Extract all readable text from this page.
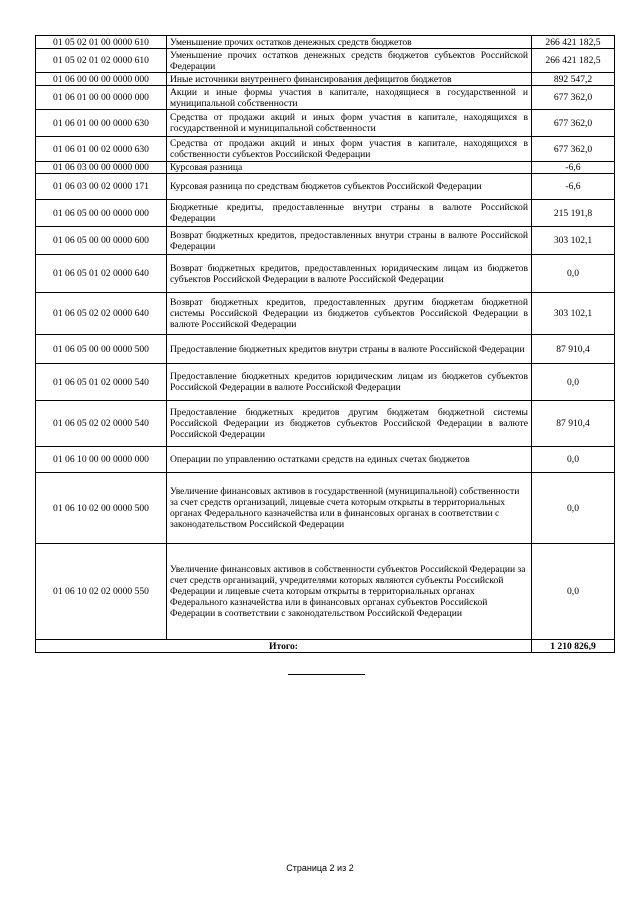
01 05 02 01 00 0000 610	Уменьшение прочих остатков денежных средств бюджетов	266 421 182,5
01 05 02 01 02 0000 610	Уменьшение прочих остатков денежных средств бюджетов субъектов Российской Федерации	266 421 182,5
01 06 00 00 00 0000 000	Иные источники внутреннего финансирования дефицитов бюджетов	892 547,2
01 06 01 00 00 0000 000	Акции и иные формы участия в капитале, находящиеся в государственной и муниципальной собственности	677 362,0
01 06 01 00 00 0000 630	Средства от продажи акций и иных форм участия в капитале, находящихся в государственной и муниципальной собственности	677 362,0
01 06 01 00 02 0000 630	Средства от продажи акций и иных форм участия в капитале, находящихся в собственности субъектов Российской Федерации	677 362,0
01 06 03 00 00 0000 000	Курсовая разница	-6,6
01 06 03 00 02 0000 171	Курсовая разница по средствам бюджетов субъектов Российской Федерации	-6,6
01 06 05 00 00 0000 000	Бюджетные кредиты, предоставленные внутри страны в валюте Российской Федерации	215 191,8
01 06 05 00 00 0000 600	Возврат бюджетных кредитов, предоставленных внутри страны в валюте Российской Федерации	303 102,1
01 06 05 01 02 0000 640	Возврат бюджетных кредитов, предоставленных юридическим лицам из бюджетов субъектов Российской Федерации в валюте Российской Федерации	0,0
01 06 05 02 02 0000 640	Возврат бюджетных кредитов, предоставленных другим бюджетам бюджетной системы Российской Федерации из бюджетов субъектов Российской Федерации в валюте Российской Федерации	303 102,1
01 06 05 00 00 0000 500	Предоставление бюджетных кредитов внутри страны в валюте Российской Федерации	87 910,4
01 06 05 01 02 0000 540	Предоставление бюджетных кредитов юридическим лицам из бюджетов субъектов Российской Федерации в валюте Российской Федерации	0,0
01 06 05 02 02 0000 540	Предоставление бюджетных кредитов другим бюджетам бюджетной системы Российской Федерации из бюджетов субъектов Российской Федерации в валюте Российской Федерации	87 910,4
01 06 10 00 00 0000 000	Операции по управлению остатками средств на единых счетах бюджетов	0,0
01 06 10 02 00 0000 500	Увеличение финансовых активов в государственной (муниципальной) собственности за счет средств организаций, лицевые счета которым открыты в территориальных органах Федерального казначейства или в финансовых органах в соответствии с законодательством Российской Федерации	0,0
01 06 10 02 02 0000 550	Увеличение финансовых активов в собственности субъектов Российской Федерации за счет средств организаций, учредителями которых являются субъекты Российской Федерации и лицевые счета которым открыты в территориальных органах Федерального казначейства или в финансовых органах субъектов Российской Федерации в соответствии с законодательством Российской Федерации	0,0
Итого:		1 210 826,9
Страница 2 из 2
